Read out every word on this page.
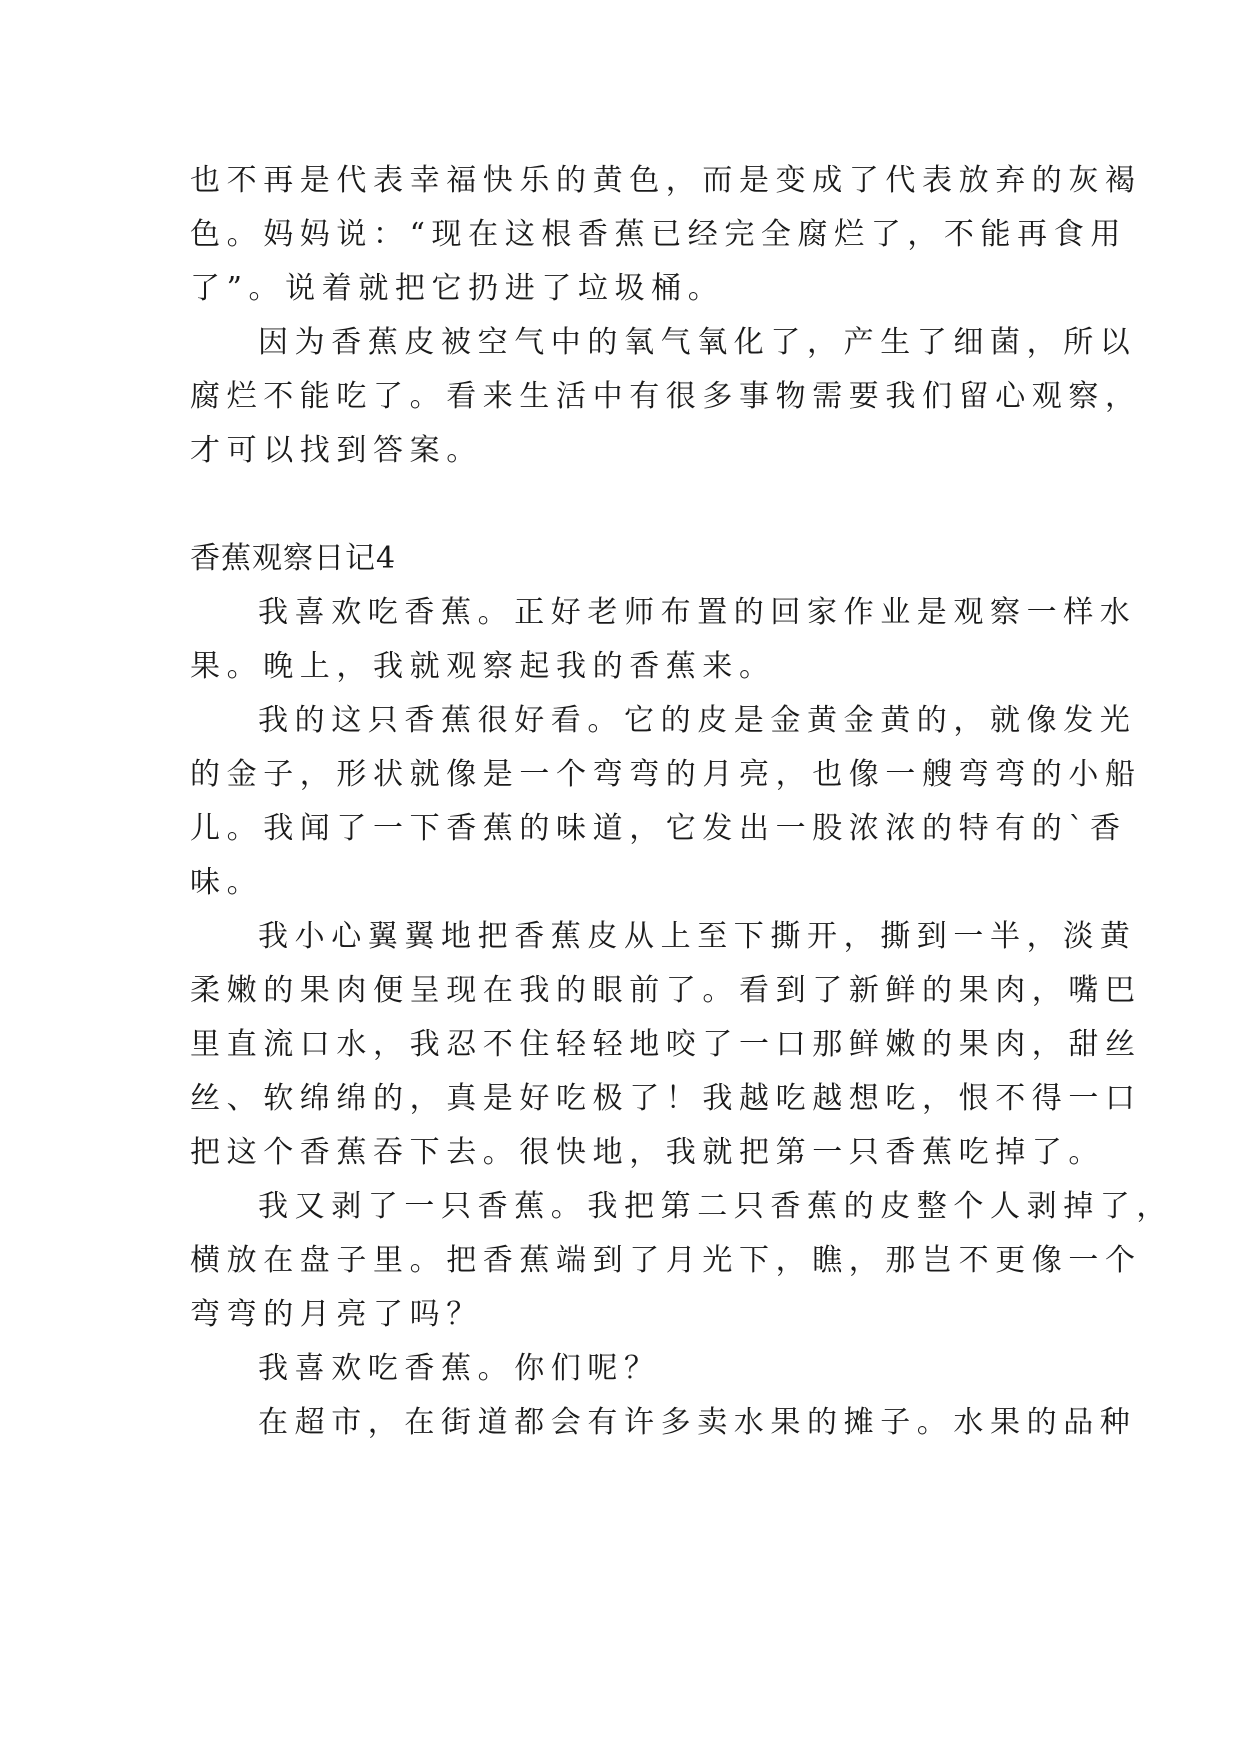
也不再是代表幸福快乐的黄色，而是变成了代表放弃的灰褐
色。妈妈说：“现在这根香蕉已经完全腐烂了，不能再食用
了”。说着就把它扔进了垃圾桶。
因为香蕉皮被空气中的氧气氧化了，产生了细菌，所以
腐烂不能吃了。看来生活中有很多事物需要我们留心观察，
才可以找到答案。
香蕉观察日记4
我喜欢吃香蕉。正好老师布置的回家作业是观察一样水
果。晚上，我就观察起我的香蕉来。
我的这只香蕉很好看。它的皮是金黄金黄的，就像发光
的金子，形状就像是一个弯弯的月亮，也像一艘弯弯的小船
儿。我闻了一下香蕉的味道，它发出一股浓浓的特有的`香
味。
我小心翼翼地把香蕉皮从上至下撕开，撕到一半，淡黄
柔嫩的果肉便呈现在我的眼前了。看到了新鲜的果肉，嘴巴
里直流口水，我忍不住轻轻地咬了一口那鲜嫩的果肉，甜丝
丝、软绵绵的，真是好吃极了！我越吃越想吃，恨不得一口
把这个香蕉吞下去。很快地，我就把第一只香蕉吃掉了。
我又剥了一只香蕉。我把第二只香蕉的皮整个人剥掉了，
横放在盘子里。把香蕉端到了月光下，瞧，那岂不更像一个
弯弯的月亮了吗？
我喜欢吃香蕉。你们呢？
在超市，在街道都会有许多卖水果的摊子。水果的品种
